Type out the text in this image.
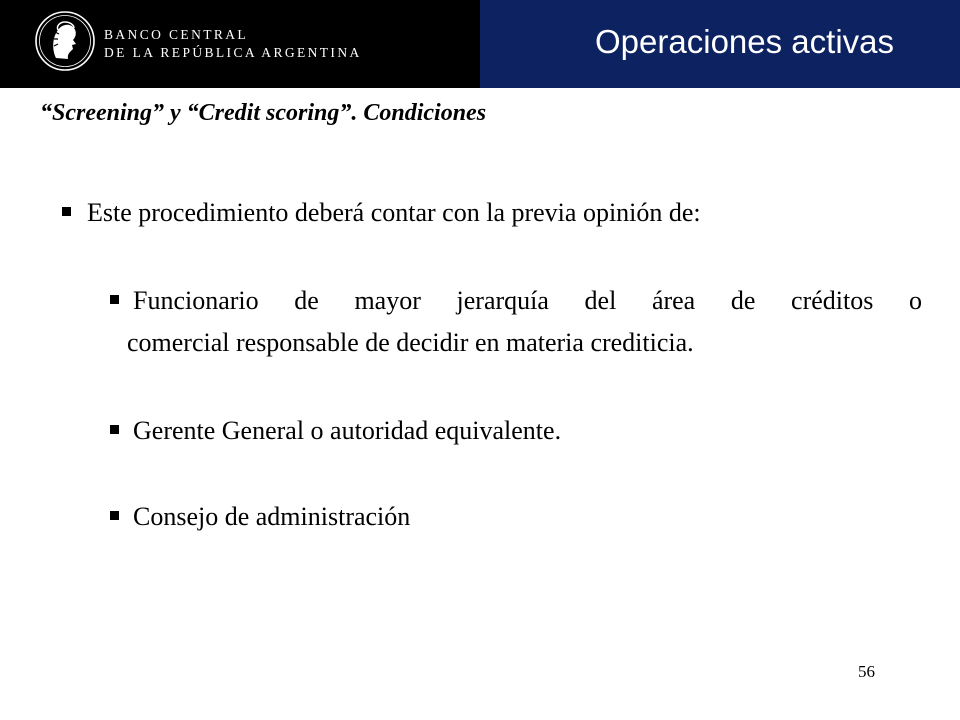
BANCO CENTRAL
DE LA REPÚBLICA ARGENTINA	Operaciones activas
“Screening” y “Credit scoring”. Condiciones
Este procedimiento deberá contar con la previa opinión de:
Funcionario de mayor jerarquía del área de créditos o
comercial responsable de decidir en materia crediticia.
Gerente General o autoridad equivalente.
Consejo de administración
56
